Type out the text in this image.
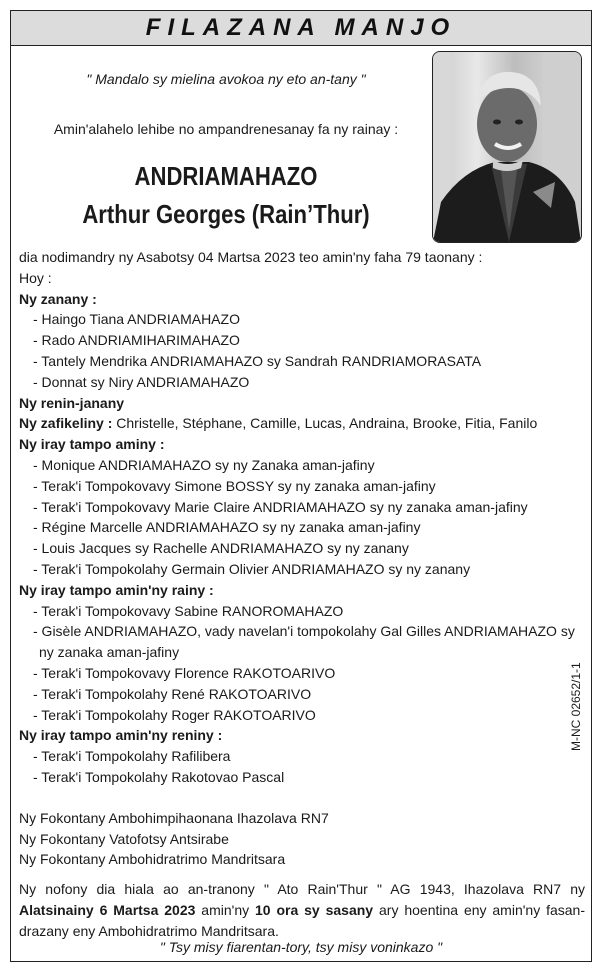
FILAZANA MANJO
" Mandalo sy mielina avokoa ny eto an-tany "
Amin'alahelo lehibe no ampandrenesanay fa ny rainay :
ANDRIAMAHAZO
Arthur Georges (Rain’Thur)
dia nodimandry ny Asabotsy 04 Martsa 2023 teo amin'ny faha 79 taonany :
Hoy :
Ny zanany :
- Haingo Tiana ANDRIAMAHAZO
- Rado ANDRIAMIHARIMAHAZO
- Tantely Mendrika ANDRIAMAHAZO sy Sandrah RANDRIAMORASATA
- Donnat sy Niry ANDRIAMAHAZO
Ny renin-janany
Ny zafikeliny : Christelle, Stéphane, Camille, Lucas, Andraina, Brooke, Fitia, Fanilo
Ny iray tampo aminy :
- Monique ANDRIAMAHAZO sy ny Zanaka aman-jafiny
- Terak'i Tompokovavy Simone BOSSY sy ny zanaka aman-jafiny
- Terak'i Tompokovavy Marie Claire ANDRIAMAHAZO sy ny zanaka aman-jafiny
- Régine Marcelle ANDRIAMAHAZO sy ny zanaka aman-jafiny
- Louis Jacques sy Rachelle ANDRIAMAHAZO sy ny zanany
- Terak'i Tompokolahy Germain Olivier ANDRIAMAHAZO sy ny zanany
Ny iray tampo amin'ny rainy :
- Terak'i Tompokovavy Sabine RANOROMAHAZO
- Gisèle ANDRIAMAHAZO, vady navelan'i tompokolahy Gal Gilles ANDRIAMAHAZO sy
ny zanaka aman-jafiny
- Terak'i Tompokovavy Florence RAKOTOARIVO
- Terak'i Tompokolahy René RAKOTOARIVO
- Terak'i Tompokolahy Roger RAKOTOARIVO
Ny iray tampo amin'ny reniny :
- Terak'i Tompokolahy Rafilibera
- Terak'i Tompokolahy Rakotovao Pascal
Ny Fokontany Ambohimpihaonana Ihazolava RN7
Ny Fokontany Vatofotsy Antsirabe
Ny Fokontany Ambohidratrimo Mandritsara
M-NC 02652/1-1
Ny nofony dia hiala ao an-tranony " Ato Rain'Thur " AG 1943, Ihazolava RN7 ny Alatsinainy 6 Martsa 2023 amin'ny 10 ora sy sasany ary hoentina eny amin'ny fasan-drazany eny Ambohidratrimo Mandritsara.
" Tsy misy fiarentan-tory, tsy misy voninkazo "
